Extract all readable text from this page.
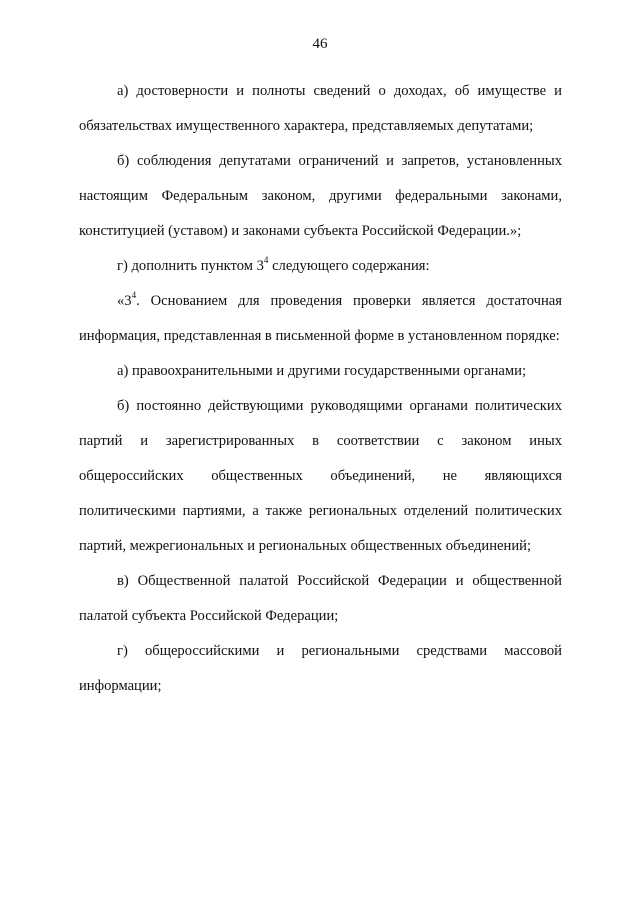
46

а) достоверности и полноты сведений о доходах, об имуществе и обязательствах имущественного характера, представляемых депутатами;

б) соблюдения депутатами ограничений и запретов, установленных настоящим Федеральным законом, другими федеральными законами, конституцией (уставом) и законами субъекта Российской Федерации.»;

г) дополнить пунктом $3^4$ следующего содержания:

«$3^4$. Основанием для проведения проверки является достаточная информация, представленная в письменной форме в установленном порядке:

а) правоохранительными и другими государственными органами;

б) постоянно действующими руководящими органами политических партий и зарегистрированных в соответствии с законом иных общероссийских общественных объединений, не являющихся политическими партиями, а также региональных отделений политических партий, межрегиональных и региональных общественных объединений;

в) Общественной палатой Российской Федерации и общественной палатой субъекта Российской Федерации;

г) общероссийскими и региональными средствами массовой информации;
